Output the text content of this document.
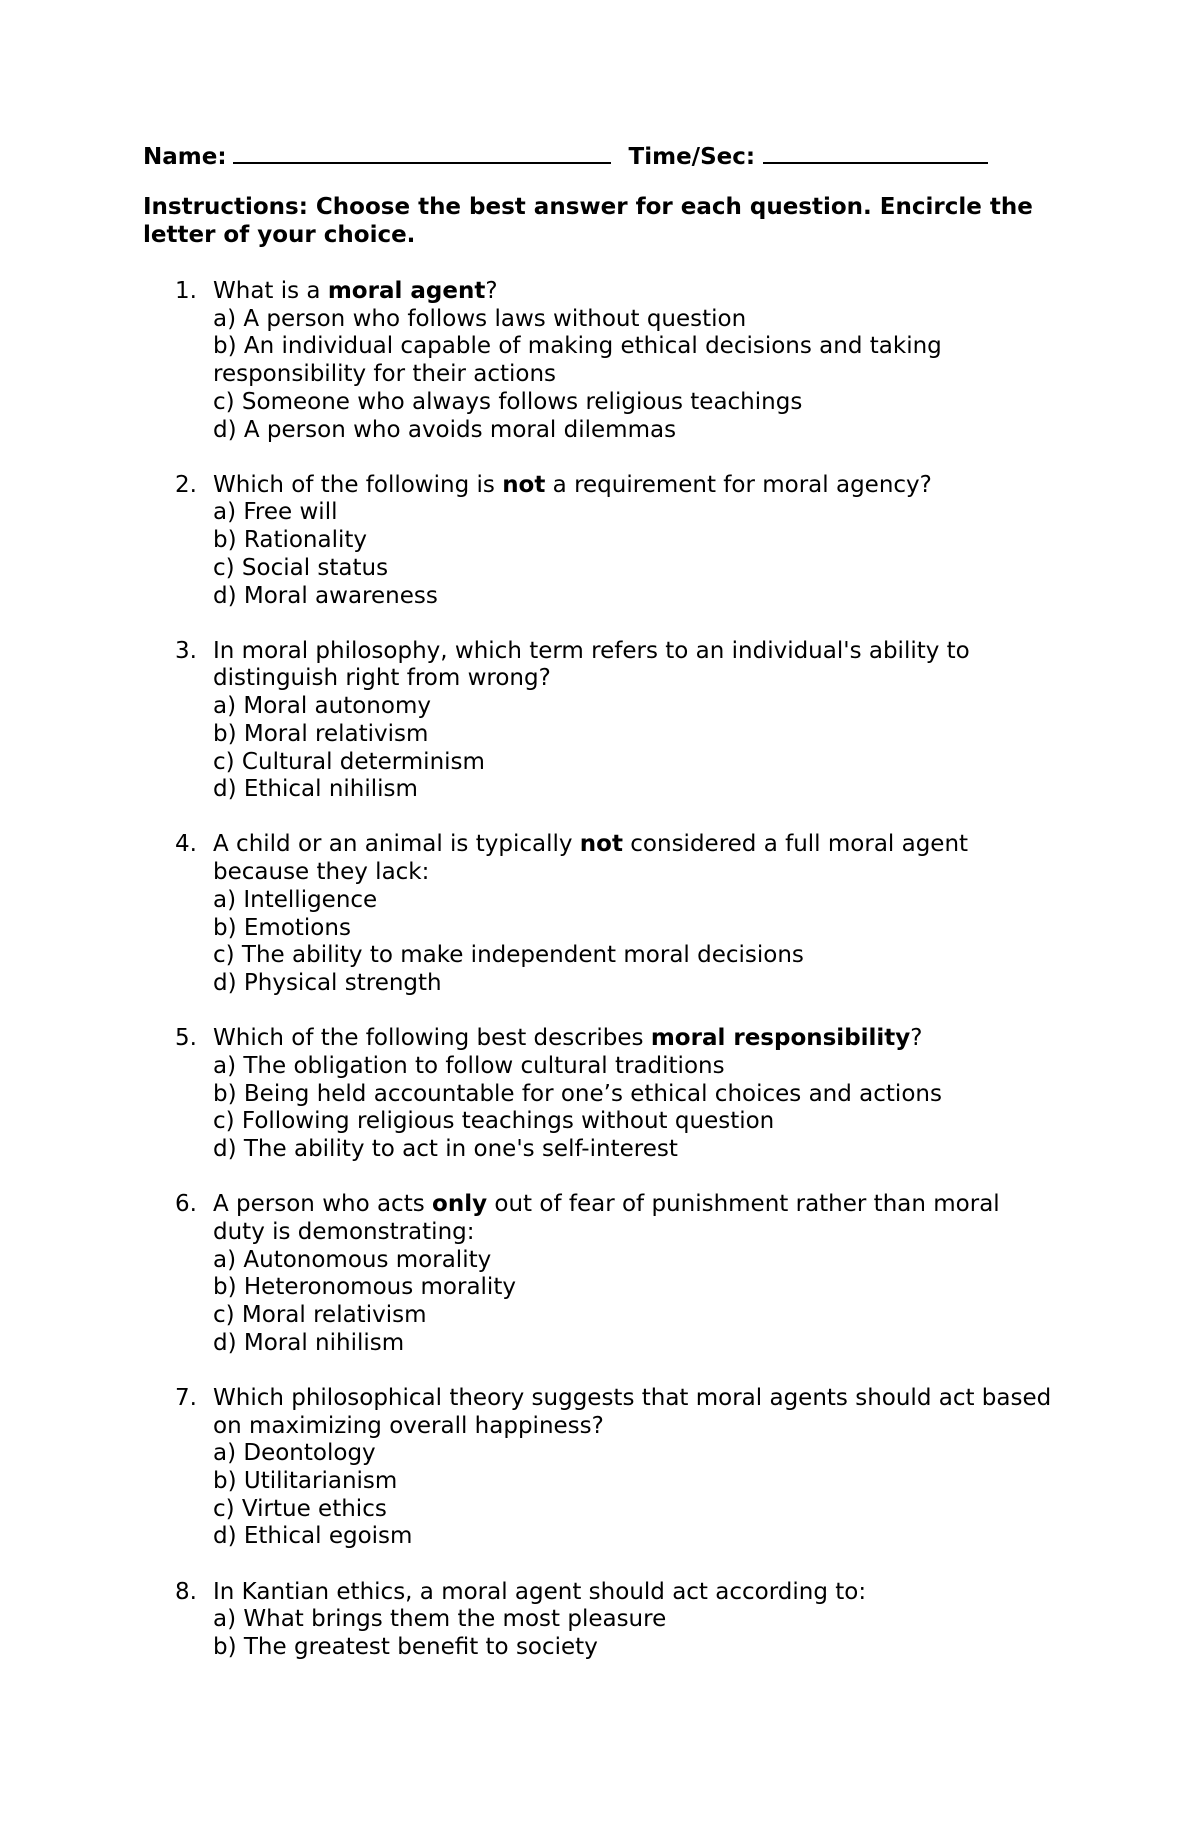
Name:	Time/Sec:
Instructions: Choose the best answer for each question. Encircle the letter of your choice.
1. What is a moral agent?
a) A person who follows laws without question
b) An individual capable of making ethical decisions and taking responsibility for their actions
c) Someone who always follows religious teachings
d) A person who avoids moral dilemmas
2. Which of the following is not a requirement for moral agency?
a) Free will
b) Rationality
c) Social status
d) Moral awareness
3. In moral philosophy, which term refers to an individual's ability to distinguish right from wrong?
a) Moral autonomy
b) Moral relativism
c) Cultural determinism
d) Ethical nihilism
4. A child or an animal is typically not considered a full moral agent because they lack:
a) Intelligence
b) Emotions
c) The ability to make independent moral decisions
d) Physical strength
5. Which of the following best describes moral responsibility?
a) The obligation to follow cultural traditions
b) Being held accountable for one’s ethical choices and actions
c) Following religious teachings without question
d) The ability to act in one's self-interest
6. A person who acts only out of fear of punishment rather than moral duty is demonstrating:
a) Autonomous morality
b) Heteronomous morality
c) Moral relativism
d) Moral nihilism
7. Which philosophical theory suggests that moral agents should act based on maximizing overall happiness?
a) Deontology
b) Utilitarianism
c) Virtue ethics
d) Ethical egoism
8. In Kantian ethics, a moral agent should act according to:
a) What brings them the most pleasure
b) The greatest benefit to society
